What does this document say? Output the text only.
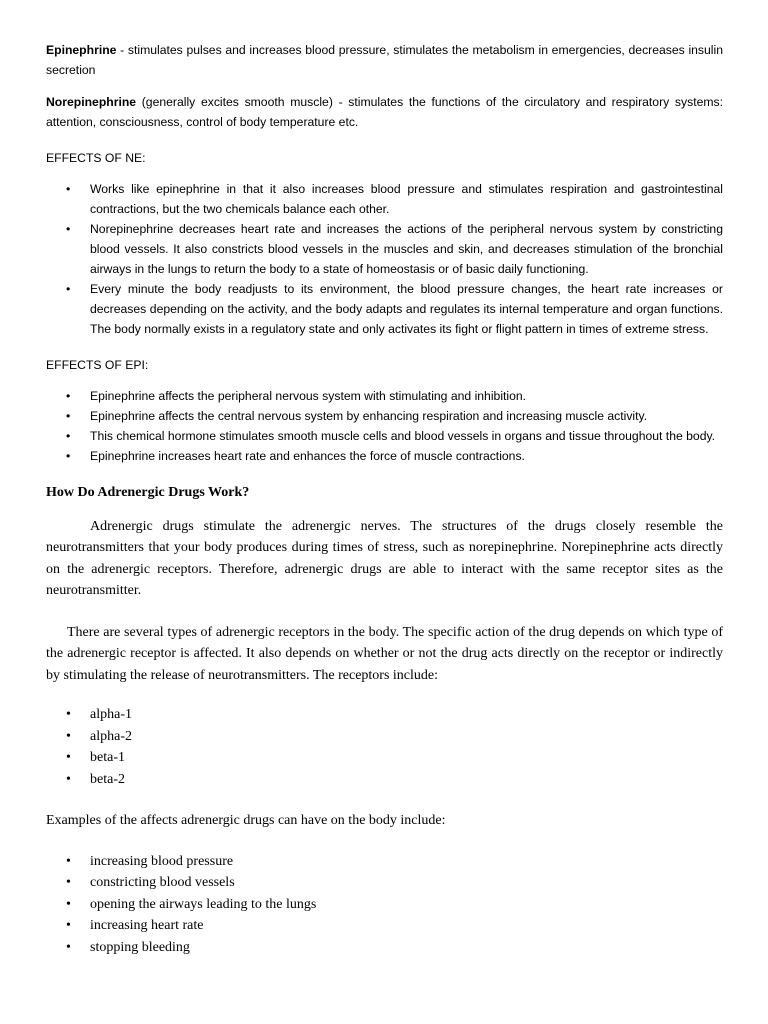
Epinephrine - stimulates pulses and increases blood pressure, stimulates the metabolism in emergencies, decreases insulin secretion

Norepinephrine (generally excites smooth muscle) - stimulates the functions of the circulatory and respiratory systems: attention, consciousness, control of body temperature etc.

EFFECTS OF NE:

• Works like epinephrine in that it also increases blood pressure and stimulates respiration and gastrointestinal contractions, but the two chemicals balance each other.
• Norepinephrine decreases heart rate and increases the actions of the peripheral nervous system by constricting blood vessels. It also constricts blood vessels in the muscles and skin, and decreases stimulation of the bronchial airways in the lungs to return the body to a state of homeostasis or of basic daily functioning.
• Every minute the body readjusts to its environment, the blood pressure changes, the heart rate increases or decreases depending on the activity, and the body adapts and regulates its internal temperature and organ functions. The body normally exists in a regulatory state and only activates its fight or flight pattern in times of extreme stress.

EFFECTS OF EPI:

• Epinephrine affects the peripheral nervous system with stimulating and inhibition.
• Epinephrine affects the central nervous system by enhancing respiration and increasing muscle activity.
• This chemical hormone stimulates smooth muscle cells and blood vessels in organs and tissue throughout the body.
• Epinephrine increases heart rate and enhances the force of muscle contractions.

How Do Adrenergic Drugs Work?

Adrenergic drugs stimulate the adrenergic nerves. The structures of the drugs closely resemble the neurotransmitters that your body produces during times of stress, such as norepinephrine. Norepinephrine acts directly on the adrenergic receptors. Therefore, adrenergic drugs are able to interact with the same receptor sites as the neurotransmitter.

There are several types of adrenergic receptors in the body. The specific action of the drug depends on which type of the adrenergic receptor is affected. It also depends on whether or not the drug acts directly on the receptor or indirectly by stimulating the release of neurotransmitters. The receptors include:

• alpha-1
• alpha-2
• beta-1
• beta-2

Examples of the affects adrenergic drugs can have on the body include:

• increasing blood pressure
• constricting blood vessels
• opening the airways leading to the lungs
• increasing heart rate
• stopping bleeding
